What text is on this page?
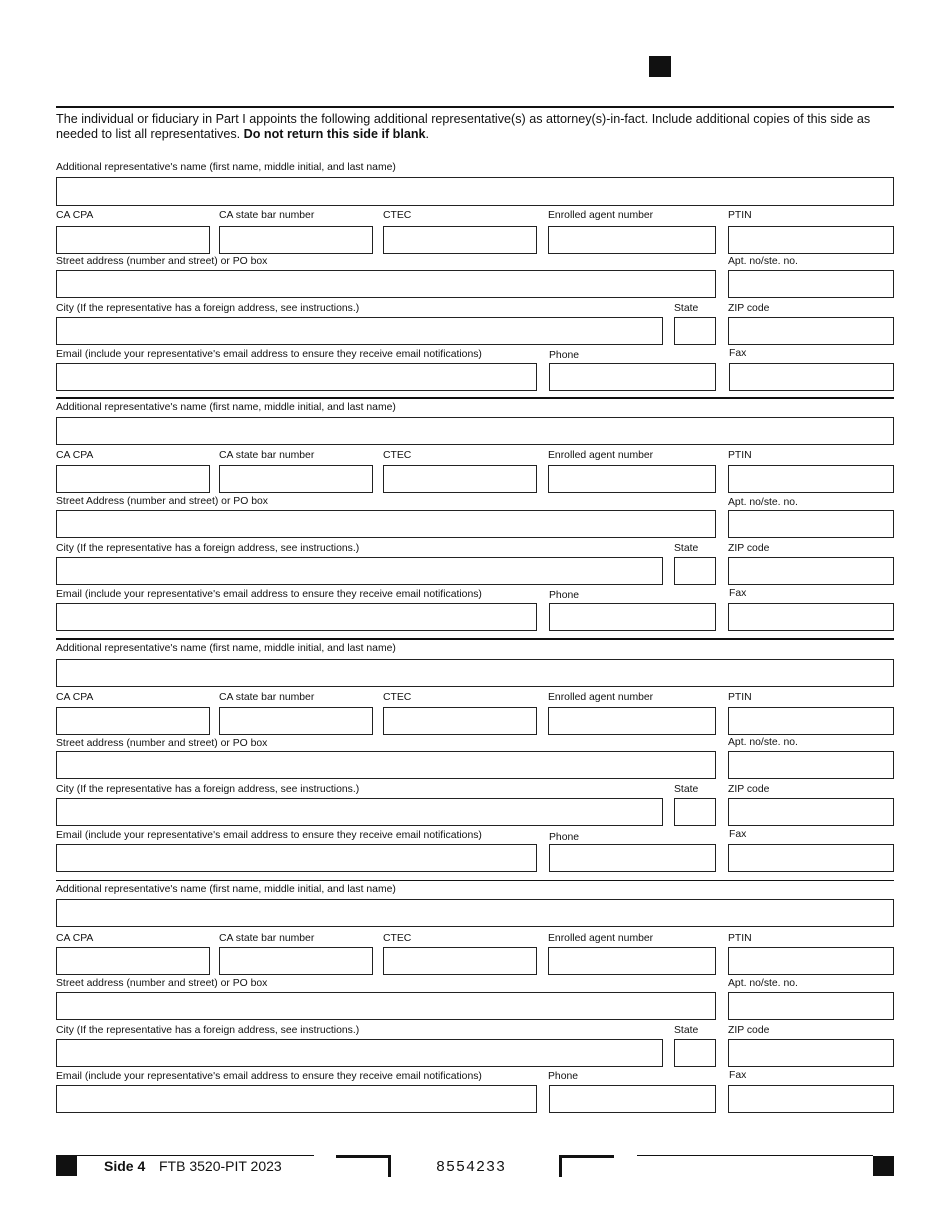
The individual or fiduciary in Part I appoints the following additional representative(s) as attorney(s)-in-fact. Include additional copies of this side as needed to list all representatives. Do not return this side if blank.
Additional representative's name (first name, middle initial, and last name)
CA CPA	CA state bar number	CTEC	Enrolled agent number	PTIN
Street address (number and street) or PO box	Apt. no/ste. no.
City (If the representative has a foreign address, see instructions.)	State	ZIP code
Email (include your representative's email address to ensure they receive email notifications)	Phone	Fax
Additional representative's name (first name, middle initial, and last name)
CA CPA	CA state bar number	CTEC	Enrolled agent number	PTIN
Street Address (number and street) or PO box	Apt. no/ste. no.
City (If the representative has a foreign address, see instructions.)	State	ZIP code
Email (include your representative's email address to ensure they receive email notifications)	Phone	Fax
Additional representative's name (first name, middle initial, and last name)
CA CPA	CA state bar number	CTEC	Enrolled agent number	PTIN
Street address (number and street) or PO box	Apt. no/ste. no.
City (If the representative has a foreign address, see instructions.)	State	ZIP code
Email (include your representative's email address to ensure they receive email notifications)	Phone	Fax
Additional representative's name (first name, middle initial, and last name)
CA CPA	CA state bar number	CTEC	Enrolled agent number	PTIN
Street address (number and street) or PO box	Apt. no/ste. no.
City (If the representative has a foreign address, see instructions.)	State	ZIP code
Email (include your representative's email address to ensure they receive email notifications)	Phone	Fax
Side 4 FTB 3520-PIT 2023	8554233
